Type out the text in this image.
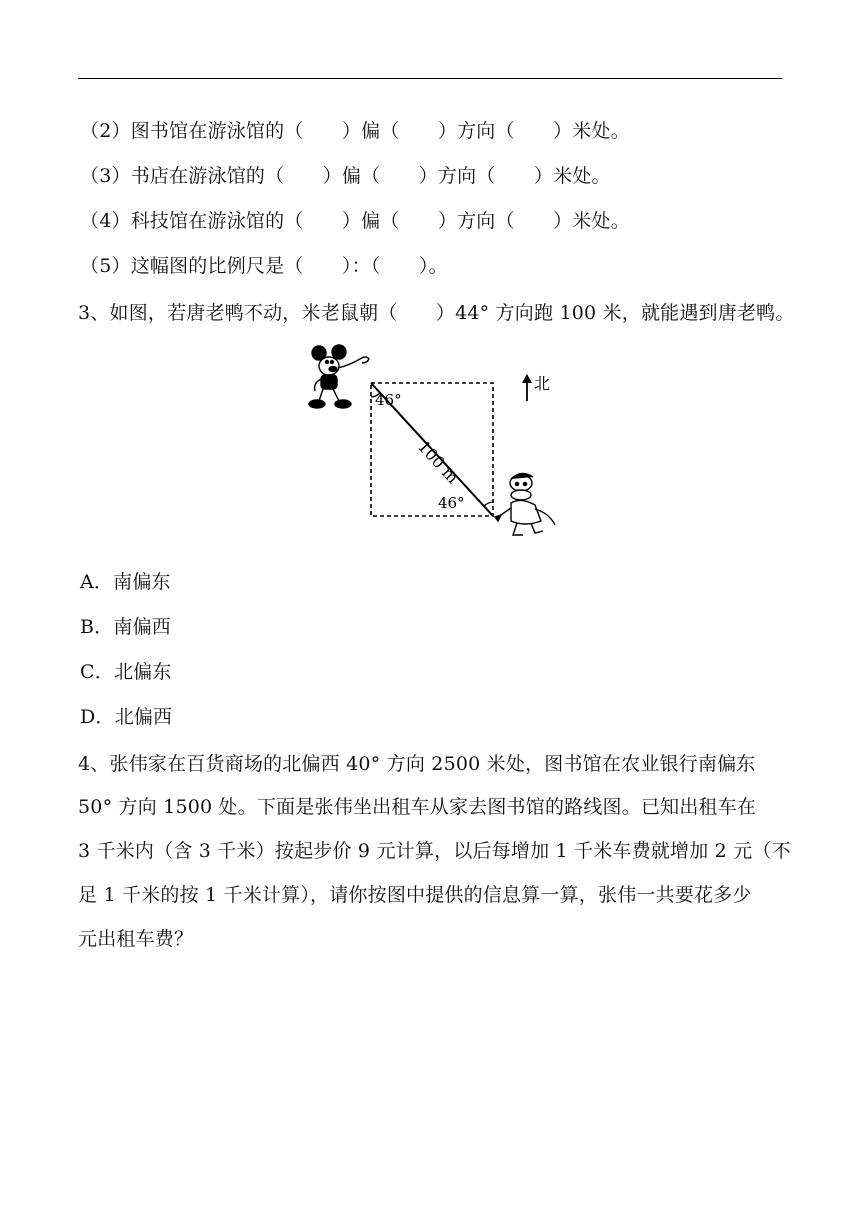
（2）图书馆在游泳馆的（　　）偏（　　）方向（　　）米处。
（3）书店在游泳馆的（　　）偏（　　）方向（　　）米处。
（4）科技馆在游泳馆的（　　）偏（　　）方向（　　）米处。
（5）这幅图的比例尺是（　　）：（　　）。
3、如图，若唐老鸭不动，米老鼠朝（　　）44° 方向跑 100 米，就能遇到唐老鸭。
46°
46°
100 m
北
A．南偏东
B．南偏西
C．北偏东
D．北偏西
4、张伟家在百货商场的北偏西 40° 方向 2500 米处，图书馆在农业银行南偏东
50° 方向 1500 处。下面是张伟坐出租车从家去图书馆的路线图。已知出租车在
3 千米内（含 3 千米）按起步价 9 元计算，以后每增加 1 千米车费就增加 2 元（不
足 1 千米的按 1 千米计算），请你按图中提供的信息算一算，张伟一共要花多少
元出租车费？
